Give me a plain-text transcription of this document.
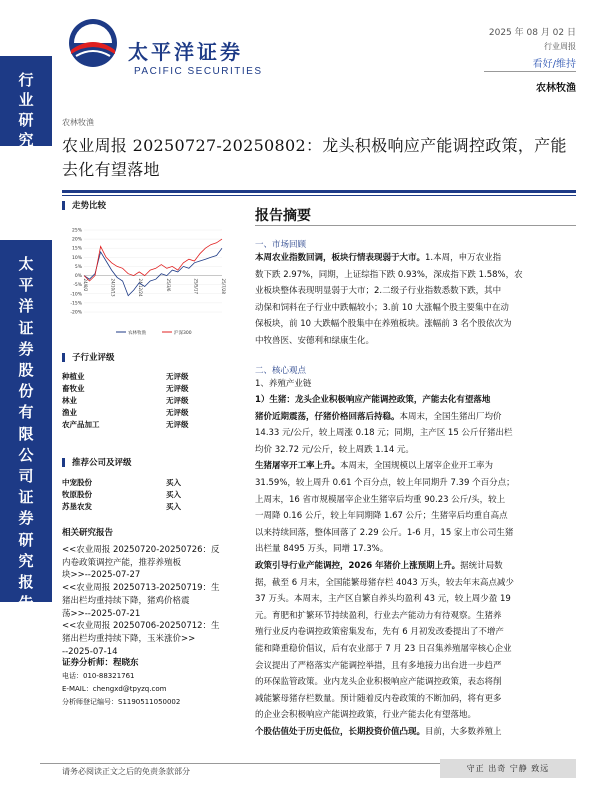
行业研究
太平洋证券股份有限公司证券研究报告
太平洋证券
PACIFIC SECURITIES
2025 年 08 月 02 日
行业周报
看好/维持
农林牧渔
农林牧渔
农业周报 20250727-20250802：龙头积极响应产能调控政策，产能去化有望落地
走势比较
25%
20%
15%
10%
5%
0%
-5%
-10%
-15%
-20%
24/8/2	24/10/13	24/12/24	25/3/6	25/5/17	25/7/28
农林牧渔	沪深300
子行业评级
种植业	无评级
畜牧业	无评级
林业	无评级
渔业	无评级
农产品加工	无评级
推荐公司及评级
中宠股份	买入
牧原股份	买入
苏垦农发	买入
相关研究报告
<<农业周报 20250720-20250726：反
内卷政策调控产能，推荐养殖板
块>>--2025-07-27
<<农业周报 20250713-20250719：生
猪出栏均重持续下降，猪鸡价格震
荡>>--2025-07-21
<<农业周报 20250706-20250712：生
猪出栏均重持续下降，玉米涨价>>
--2025-07-14
证券分析师：程晓东
电话：010-88321761
E-MAIL：chengxd@tpyzq.com
分析师登记编号：S1190511050002
报告摘要
一、市场回顾
本周农业指数回调，板块行情表现弱于大市。1.本周，申万农业指
数下跌 2.97%，同期，上证综指下跌 0.93%，深成指下跌 1.58%，农
业板块整体表现明显弱于大市；2.二级子行业指数悉数下跌，其中
动保和饲料在子行业中跌幅较小；3.前 10 大涨幅个股主要集中在动
保板块，前 10 大跌幅个股集中在养殖板块。涨幅前 3 名个股依次为
中牧兽医、安德利和绿康生化。
二、核心观点
1、养殖产业链
1）生猪：龙头企业积极响应产能调控政策，产能去化有望落地
猪价近期震荡，仔猪价格回落后持稳。本周末，全国生猪出厂均价
14.33 元/公斤，较上周涨 0.18 元；同期，主产区 15 公斤仔猪出栏
均价 32.72 元/公斤，较上周跌 1.14 元。
生猪屠宰开工率上升。本周末，全国规模以上屠宰企业开工率为
31.59%，较上周升 0.61 个百分点，较上年同期升 7.39 个百分点；
上周末，16 省市规模屠宰企业生猪宰后均重 90.23 公斤/头，较上
一周降 0.16 公斤，较上年同期降 1.67 公斤；生猪宰后均重自高点
以来持续回落，整体回落了 2.29 公斤。1-6 月，15 家上市公司生猪
出栏量 8495 万头，同增 17.3%。
政策引导行业产能调控，2026 年猪价上涨预期上升。据统计局数
据，截至 6 月末，全国能繁母猪存栏 4043 万头，较去年末高点减少
37 万头。本周末，主产区自繁自养头均盈利 43 元，较上周少盈 19
元。育肥和扩繁环节持续盈利，行业去产能动力有待观察。生猪养
殖行业反内卷调控政策密集发布，先有 6 月初发改委提出了不增产
能和降重稳价倡议，后有农业部于 7 月 23 日召集养殖屠宰核心企业
会议提出了严格落实产能调控举措，且有多地接力出台进一步趋严
的环保监管政策。业内龙头企业积极响应产能调控政策，表态将削
减能繁母猪存栏数量。预计随着反内卷政策的不断加码，将有更多
的企业会积极响应产能调控政策，行业产能去化有望落地。
个股估值处于历史低位，长期投资价值凸现。目前，大多数养殖上
请务必阅读正文之后的免责条款部分	守正 出奇 宁静 致远
